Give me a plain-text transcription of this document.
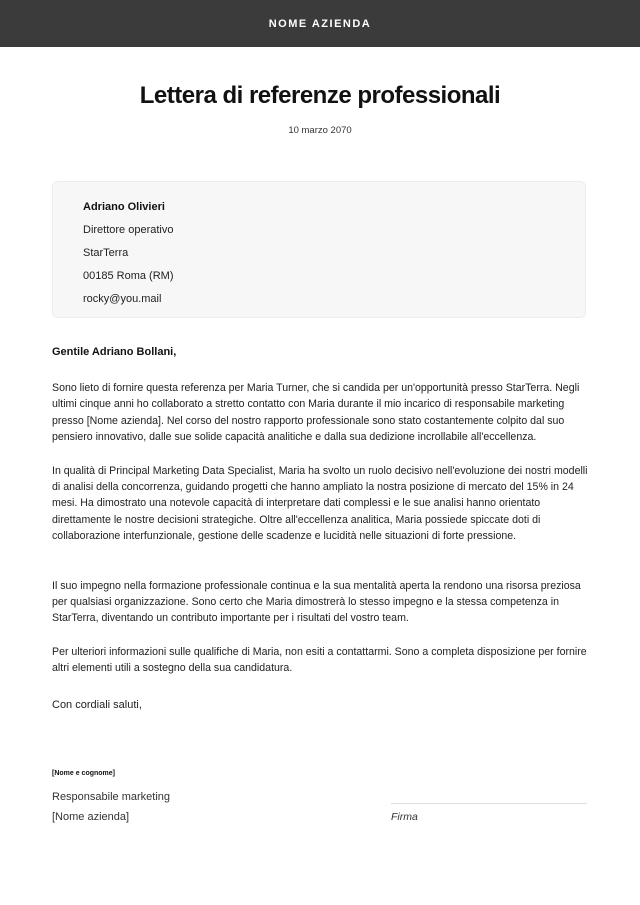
NOME AZIENDA
Lettera di referenze professionali
10 marzo 2070
Adriano Olivieri
Direttore operativo
StarTerra
00185 Roma (RM)
rocky@you.mail

Gentile Adriano Bollani,

Sono lieto di fornire questa referenza per Maria Turner, che si candida per un'opportunità presso StarTerra. Negli ultimi cinque anni ho collaborato a stretto contatto con Maria durante il mio incarico di responsabile marketing presso [Nome azienda]. Nel corso del nostro rapporto professionale sono stato costantemente colpito dal suo pensiero innovativo, dalle sue solide capacità analitiche e dalla sua dedizione incrollabile all'eccellenza.

In qualità di Principal Marketing Data Specialist, Maria ha svolto un ruolo decisivo nell'evoluzione dei nostri modelli di analisi della concorrenza, guidando progetti che hanno ampliato la nostra posizione di mercato del 15% in 24 mesi. Ha dimostrato una notevole capacità di interpretare dati complessi e le sue analisi hanno orientato direttamente le nostre decisioni strategiche. Oltre all'eccellenza analitica, Maria possiede spiccate doti di collaborazione interfunzionale, gestione delle scadenze e lucidità nelle situazioni di forte pressione.

Il suo impegno nella formazione professionale continua e la sua mentalità aperta la rendono una risorsa preziosa per qualsiasi organizzazione. Sono certo che Maria dimostrerà lo stesso impegno e la stessa competenza in StarTerra, diventando un contributo importante per i risultati del vostro team.

Per ulteriori informazioni sulle qualifiche di Maria, non esiti a contattarmi. Sono a completa disposizione per fornire altri elementi utili a sostegno della sua candidatura.

Con cordiali saluti,
[Nome e cognome]
Responsabile marketing
[Nome azienda]	Firma
